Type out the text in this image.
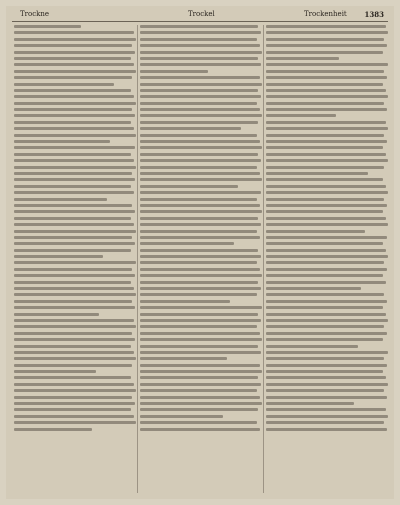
Trockne	Trockel	Trockenheit	1383
